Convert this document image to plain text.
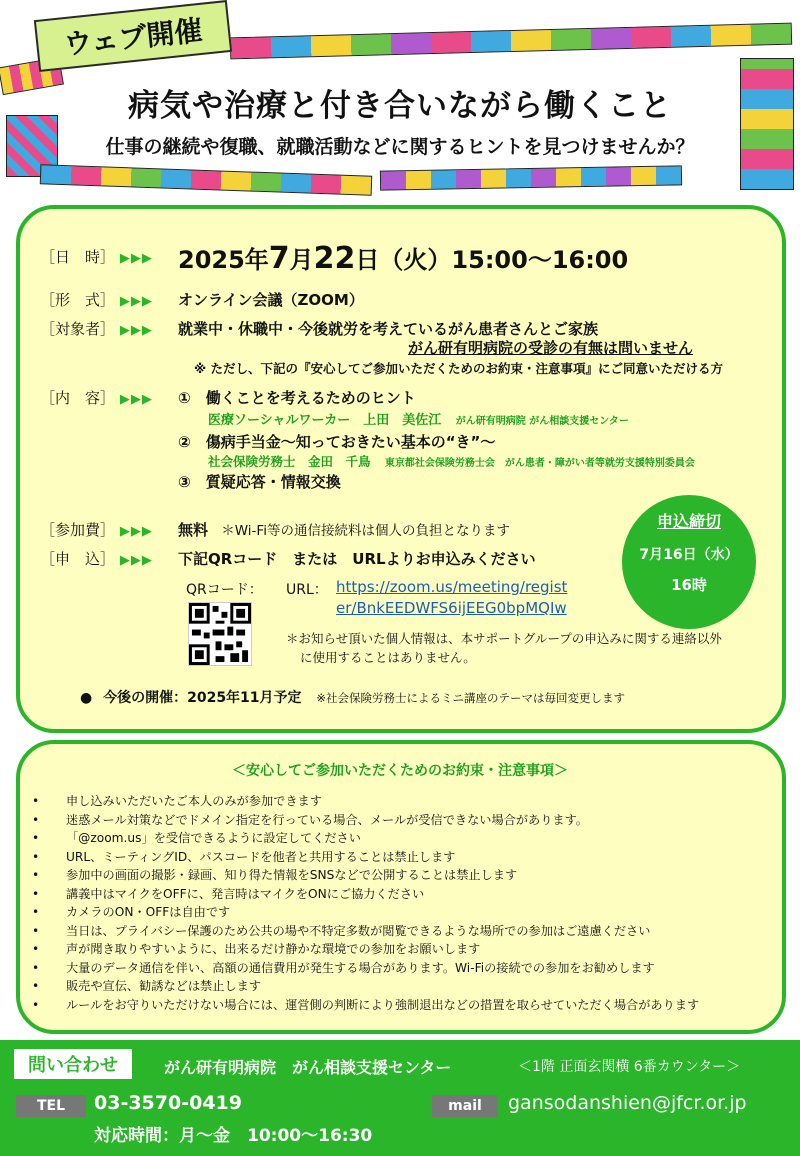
ウェブ開催
病気や治療と付き合いながら働くこと
仕事の継続や復職、就職活動などに関するヒントを見つけませんか？
［日　時］ ▶▶▶ 2025年7月22日（火）15:00～16:00
［形　式］ ▶▶▶ オンライン会議（ZOOM）
［対象者］ ▶▶▶ 就業中・休職中・今後就労を考えているがん患者さんとご家族
がん研有明病院の受診の有無は問いません
※ ただし、下記の『安心してご参加いただくためのお約束・注意事項』にご同意いただける方
［内　容］ ▶▶▶ ①　働くことを考えるためのヒント
医療ソーシャルワーカー　上田　美佐江 がん研有明病院 がん相談支援センター
②　傷病手当金～知っておきたい基本の“き”～
社会保険労務士　金田　千鳥 東京都社会保険労務士会　がん患者・障がい者等就労支援特別委員会
③　質疑応答・情報交換
［参加費］ ▶▶▶ 無料 ＊Wi-Fi等の通信接続料は個人の負担となります
［申　込］ ▶▶▶ 下記QRコード　または　URLよりお申込みください
QRコード： URL： https://zoom.us/meeting/regist
er/BnkEEDWFS6ijEEG0bpMQIw
＊お知らせ頂いた個人情報は、本サポートグループの申込みに関する連絡以外
に使用することはありません。
● 今後の開催：2025年11月予定 ※社会保険労務士によるミニ講座のテーマは毎回変更します
申込締切
7月16日（水）
16時
＜安心してご参加いただくためのお約束・注意事項＞
• 申し込みいただいたご本人のみが参加できます
• 迷惑メール対策などでドメイン指定を行っている場合、メールが受信できない場合があります。
• 「@zoom.us」を受信できるように設定してください
• URL、ミーティングID、パスコードを他者と共用することは禁止します
• 参加中の画面の撮影・録画、知り得た情報をSNSなどで公開することは禁止します
• 講義中はマイクをOFFに、発言時はマイクをONにご協力ください
• カメラのON・OFFは自由です
• 当日は、プライバシー保護のため公共の場や不特定多数が閲覧できるような場所での参加はご遠慮ください
• 声が聞き取りやすいように、出来るだけ静かな環境での参加をお願いします
• 大量のデータ通信を伴い、高額の通信費用が発生する場合があります。Wi-Fiの接続での参加をお勧めします
• 販売や宣伝、勧誘などは禁止します
• ルールをお守りいただけない場合には、運営側の判断により強制退出などの措置を取らせていただく場合があります
問い合わせ	がん研有明病院　がん相談支援センター	＜1階 正面玄関横 6番カウンター＞
TEL	03-3570-0419
対応時間：月～金　10:00～16:30
mail	gansodanshien@jfcr.or.jp
